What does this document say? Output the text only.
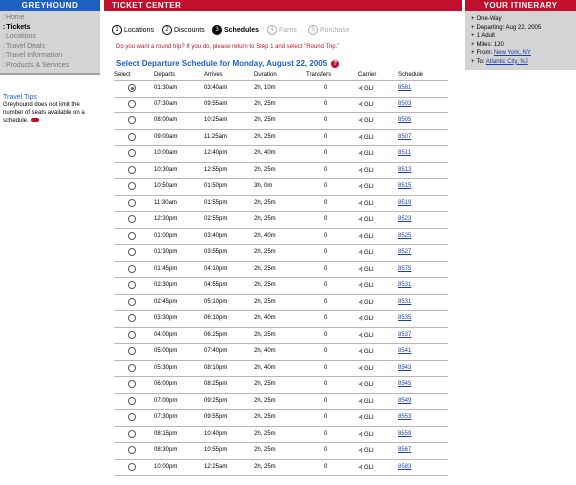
GREYHOUND
:Home
:Tickets
:Locations
:Travel Deals
:Travel Information
:Products & Services
Travel Tips
Greyhound does not limit the number of seats available on a schedule.
TICKET CENTER
1 Locations	2 Discounts	3 Schedules	4 Fares	5 Purchase
Do you want a round trip? If you do, please return to Step 1 and select "Round Trip."
YOUR ITINERARY
+ One-Way
+ Departing: Aug 22, 2005
+ 1 Adult
+ Miles: 120
+ From: New York, NY
+ To: Atlantic City, NJ
Select Departure Schedule for Monday, August 22, 2005 ?
Select	Departs	Arrives	Duration	Transfers	Carrier	Schedule
01:30am	03:40am	2h, 10m	0	⊰GLI	8581
07:30am	09:55am	2h, 25m	0	⊰GLI	8503
08:00am	10:25am	2h, 25m	0	⊰GLI	8505
09:00am	11:25am	2h, 25m	0	⊰GLI	8507
10:00am	12:40pm	2h, 40m	0	⊰GLI	8511
10:30am	12:55pm	2h, 25m	0	⊰GLI	8513
10:50am	01:50pm	3h, 0m	0	⊰GLI	8515
11:30am	01:55pm	2h, 25m	0	⊰GLI	8519
12:30pm	02:55pm	2h, 25m	0	⊰GLI	8523
01:00pm	03:40pm	2h, 40m	0	⊰GLI	8525
01:30pm	03:55pm	2h, 25m	0	⊰GLI	8527
01:45pm	04:10pm	2h, 25m	0	⊰GLI	8575
02:30pm	04:55pm	2h, 25m	0	⊰GLI	8531
02:45pm	05:10pm	2h, 25m	0	⊰GLI	8531
03:30pm	06:10pm	2h, 40m	0	⊰GLI	8535
04:00pm	06:25pm	2h, 25m	0	⊰GLI	8537
05:00pm	07:40pm	2h, 40m	0	⊰GLI	8541
05:30pm	08:10pm	2h, 40m	0	⊰GLI	8543
06:00pm	08:25pm	2h, 25m	0	⊰GLI	8545
07:00pm	09:25pm	2h, 25m	0	⊰GLI	8549
07:30pm	09:55pm	2h, 25m	0	⊰GLI	8553
08:15pm	10:40pm	2h, 25m	0	⊰GLI	8559
08:30pm	10:55pm	2h, 25m	0	⊰GLI	8567
10:00pm	12:25am	2h, 25m	0	⊰GLI	8583
